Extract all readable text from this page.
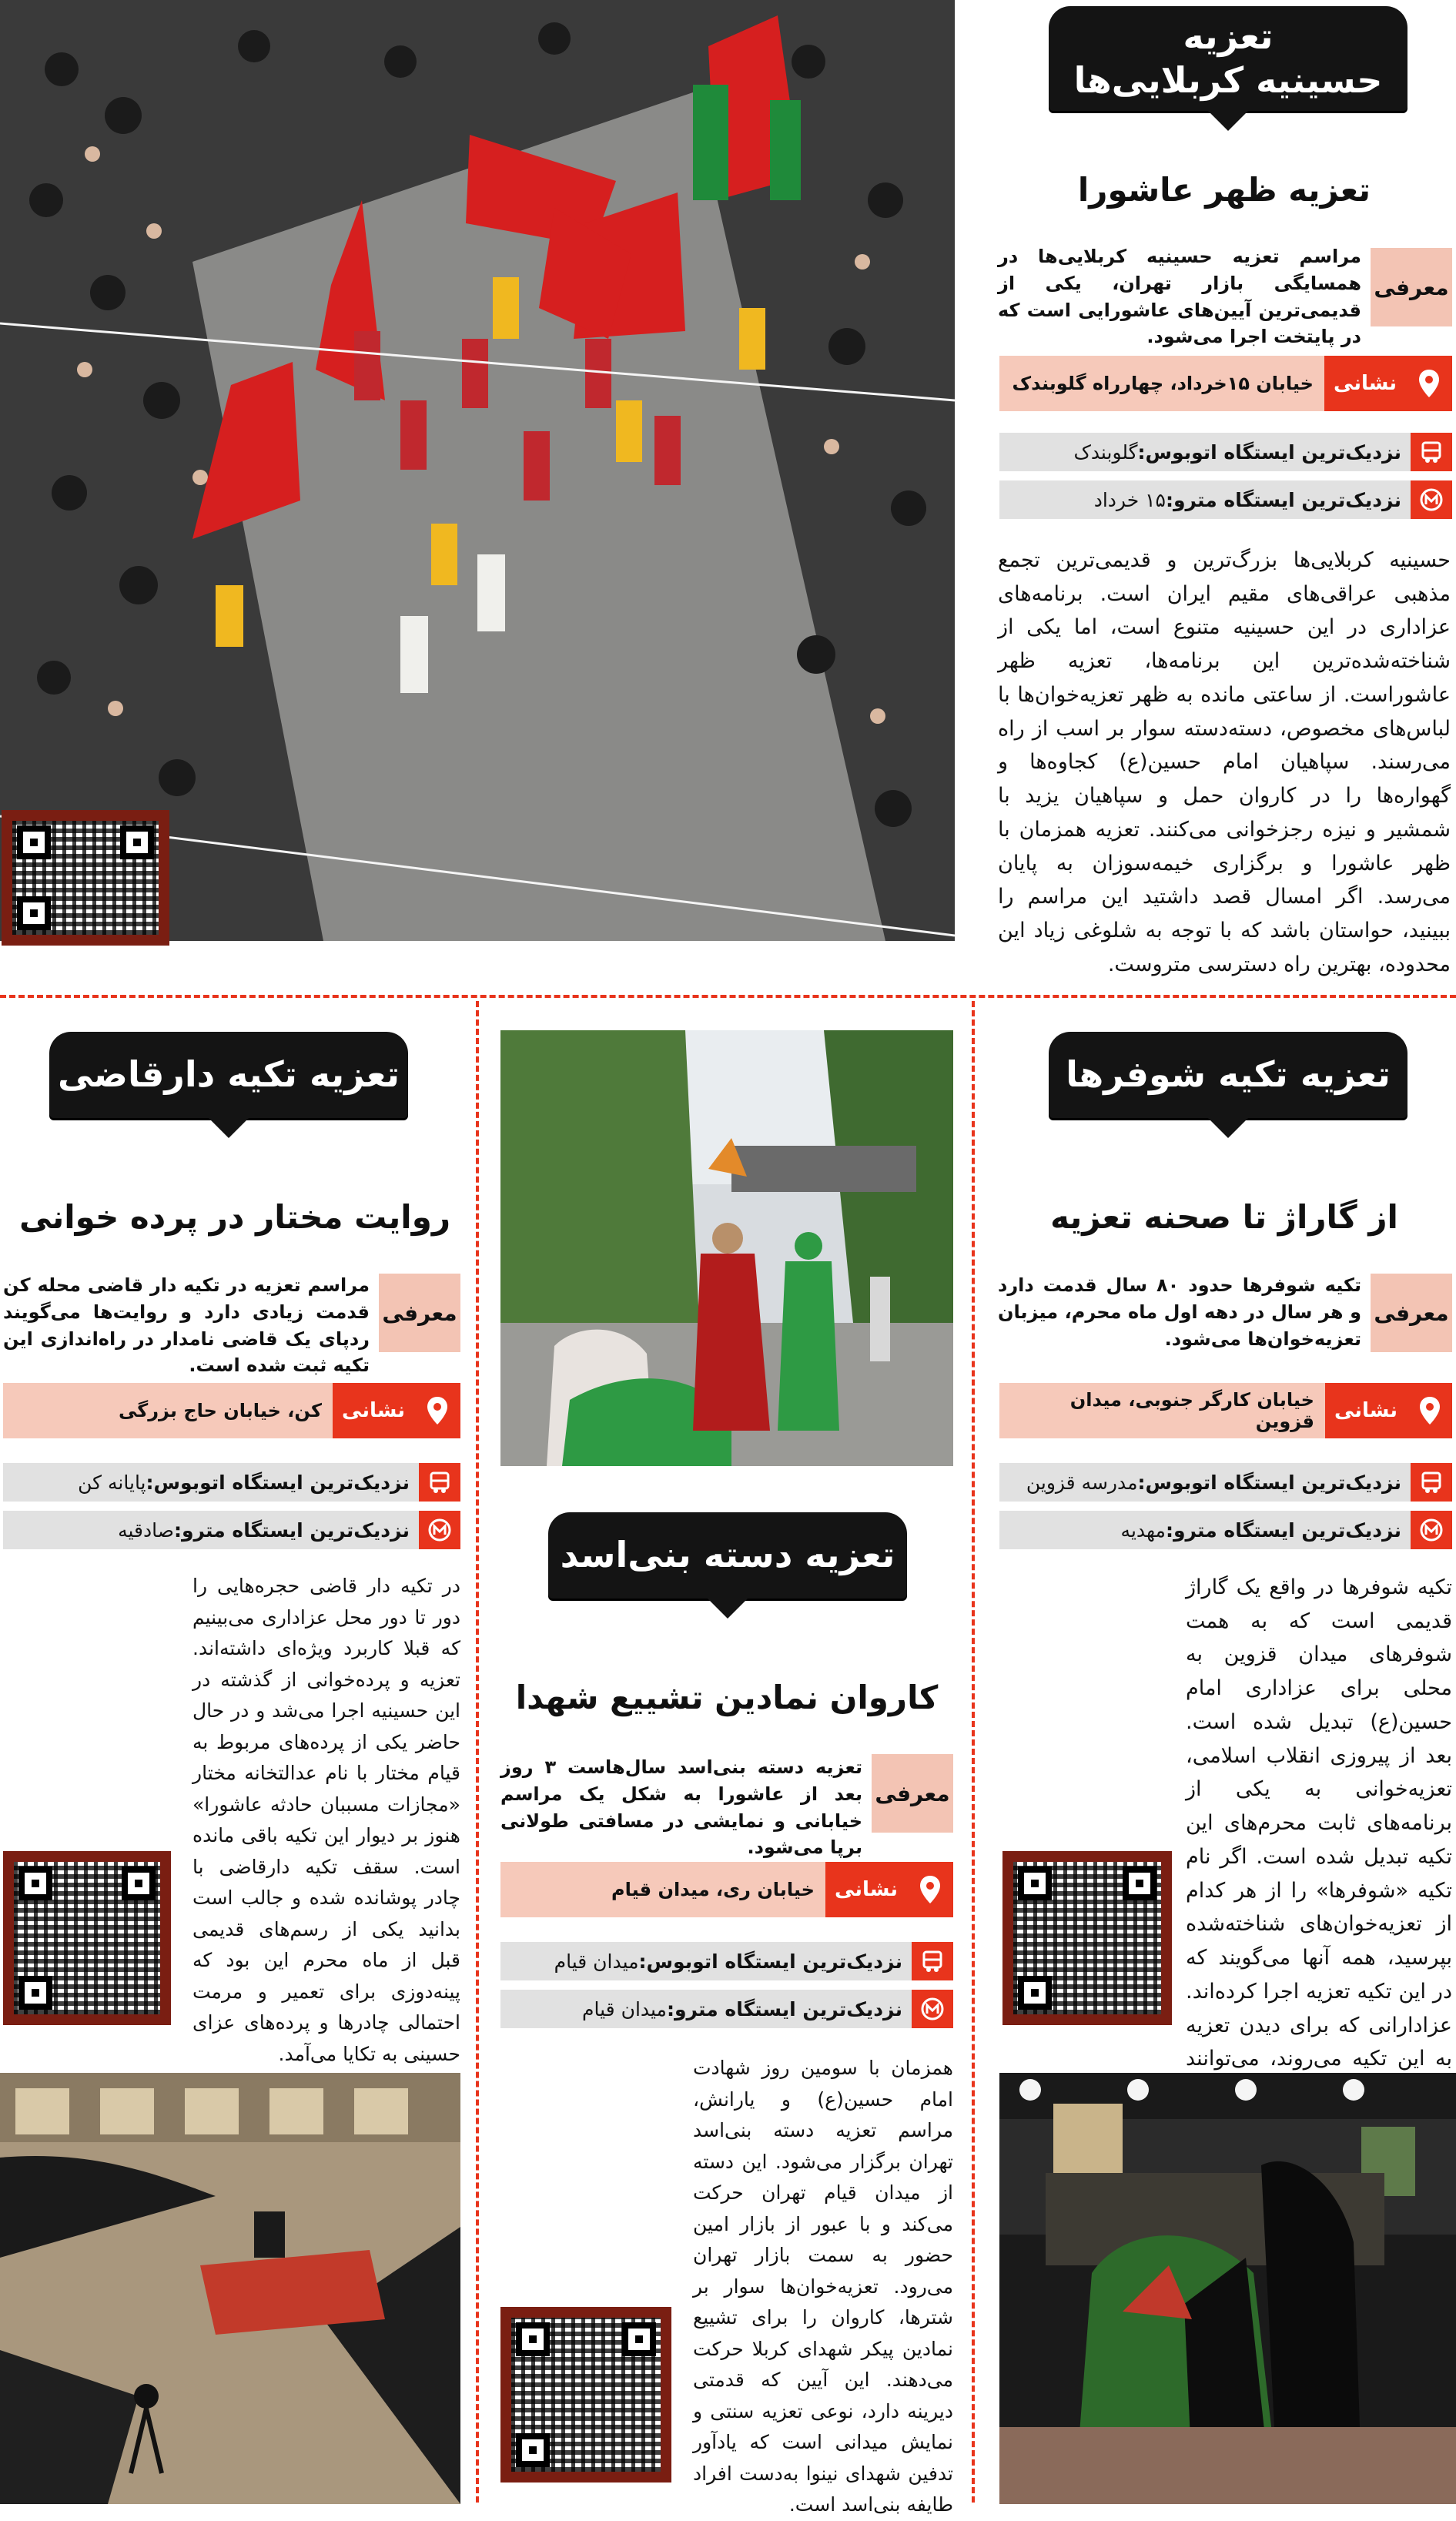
تعزیه
حسینیه کربلایی‌ها
تعزیه ظهر عاشورا
معرفی
مراسم تعزیه حسینیه کربلایی‌ها در همسایگی بازار تهران، یکی از قدیمی‌ترین آیین‌های عاشورایی است که در پایتخت اجرا می‌شود.
نشانی
خیابان ۱۵خرداد، چهارراه گلوبندک
نزدیک‌ترین ایستگاه اتوبوس:گلوبندک
نزدیک‌ترین ایستگاه مترو:۱۵ خرداد
حسینیه کربلایی‌ها بزرگ‌ترین و قدیمی‌ترین تجمع مذهبی عراقی‌های مقیم ایران است. برنامه‌های عزاداری در این حسینیه متنوع است، اما یکی از شناخته‌شده‌ترین این برنامه‌ها، تعزیه ظهر عاشوراست. از ساعتی مانده به ظهر تعزیه‌خوان‌ها با لباس‌های مخصوص، دسته‌دسته سوار بر اسب از راه می‌رسند. سپاهیان امام حسین(ع) کجاوه‌ها و گهواره‌ها را در کاروان حمل و سپاهیان یزید با شمشیر و نیزه رجزخوانی می‌کنند. تعزیه همزمان با ظهر عاشورا و برگزاری خیمه‌سوزان به پایان می‌رسد. اگر امسال قصد داشتید این مراسم را ببینید، حواستان باشد که با توجه به شلوغی زیاد این محدوده، بهترین راه دسترسی متروست.
تعزیه تکیه شوفرها
از گاراژ تا صحنه تعزیه
معرفی
تکیه شوفرها حدود ۸۰ سال قدمت دارد و هر سال در دهه اول ماه محرم، میزبان تعزیه‌خوان‌ها می‌شود.
نشانی
خیابان کارگر جنوبی، میدان قزوین
نزدیک‌ترین ایستگاه اتوبوس:مدرسه قزوین
نزدیک‌ترین ایستگاه مترو:مهدیه
تکیه شوفرها در واقع یک گاراژ قدیمی است که به همت شوفرهای میدان قزوین به محلی برای عزاداری امام حسین(ع) تبدیل شده است. بعد از پیروزی انقلاب اسلامی، تعزیه‌خوانی به یکی از برنامه‌های ثابت محرم‌های این تکیه تبدیل شده است. اگر نام تکیه «شوفرها» را از هر کدام از تعزیه‌خوان‌های شناخته‌شده بپرسید، همه آنها می‌گویند که در این تکیه تعزیه اجرا کرده‌اند. عزادارانی که برای دیدن تعزیه به این تکیه می‌روند، می‌توانند
تعزیه دسته بنی‌اسد
کاروان نمادین تشییع شهدا
معرفی
تعزیه دسته بنی‌اسد سال‌هاست ۳ روز بعد از عاشورا به شکل یک مراسم خیابانی و نمایشی در مسافتی طولانی برپا می‌شود.
نشانی
خیابان ری، میدان قیام
نزدیک‌ترین ایستگاه اتوبوس:میدان قیام
نزدیک‌ترین ایستگاه مترو:میدان قیام
همزمان با سومین روز شهادت امام حسین(ع) و یارانش، مراسم تعزیه دسته بنی‌اسد تهران برگزار می‌شود. این دسته از میدان قیام تهران حرکت می‌کند و با عبور از بازار امین حضور به سمت بازار تهران می‌رود. تعزیه‌خوان‌ها سوار بر شترها، کاروان را برای تشییع نمادین پیکر شهدای کربلا حرکت می‌دهند. این آیین که قدمتی دیرینه دارد، نوعی تعزیه سنتی و نمایش میدانی است که یادآور تدفین شهدای نینوا به‌دست افراد طایفه بنی‌اسد است.
تعزیه تکیه دارقاضی
روایت مختار در پرده خوانی
معرفی
مراسم تعزیه در تکیه دار قاضی محله کن قدمت زیادی دارد و روایت‌ها می‌گویند ردپای یک قاضی نامدار در راه‌اندازی این تکیه ثبت شده است.
نشانی
کن، خیابان حاج بزرگی
نزدیک‌ترین ایستگاه اتوبوس:پایانه کن
نزدیک‌ترین ایستگاه مترو:صادقیه
در تکیه دار قاضی حجره‌هایی را دور تا دور محل عزاداری می‌بینیم که قبلا کاربرد ویژه‌ای داشته‌اند. تعزیه و پرده‌خوانی از گذشته در این حسینیه اجرا می‌شد و در حال حاضر یکی از پرده‌های مربوط به قیام مختار با نام عدالتخانه مختار «مجازات مسببان حادثه عاشورا» هنوز بر دیوار این تکیه باقی مانده است. سقف تکیه دارقاضی با چادر پوشانده شده و جالب است بدانید یکی از رسم‌های قدیمی قبل از ماه محرم این بود که پینه‌دوزی برای تعمیر و مرمت احتمالی چادرها و پرده‌های عزای حسینی به تکایا می‌آمد.
